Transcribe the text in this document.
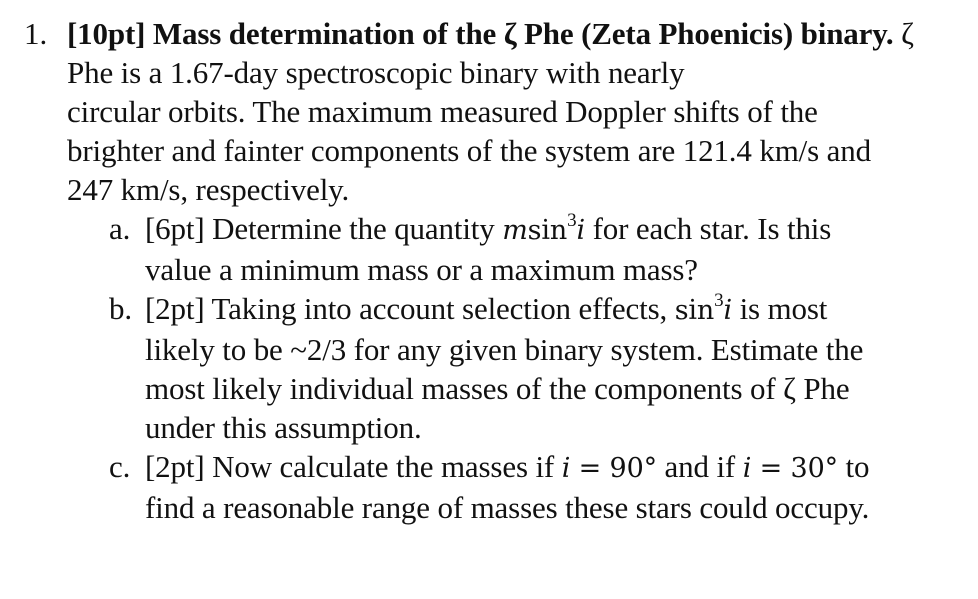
1. [10pt] Mass determination of the ζ Phe (Zeta Phoenicis) binary. ζ Phe is a 1.67-day spectroscopic binary with nearly
circular orbits. The maximum measured Doppler shifts of the
brighter and fainter components of the system are 121.4 km/s and
247 km/s, respectively.
a. [6pt] Determine the quantity msin$^3$i for each star. Is this
value a minimum mass or a maximum mass?
b. [2pt] Taking into account selection effects, $\sin^3i$ is most
likely to be ~2/3 for any given binary system. Estimate the
most likely individual masses of the components of ζ Phe
under this assumption.
c. [2pt] Now calculate the masses if i = 90° and if i = 30° to
find a reasonable range of masses these stars could occupy.
